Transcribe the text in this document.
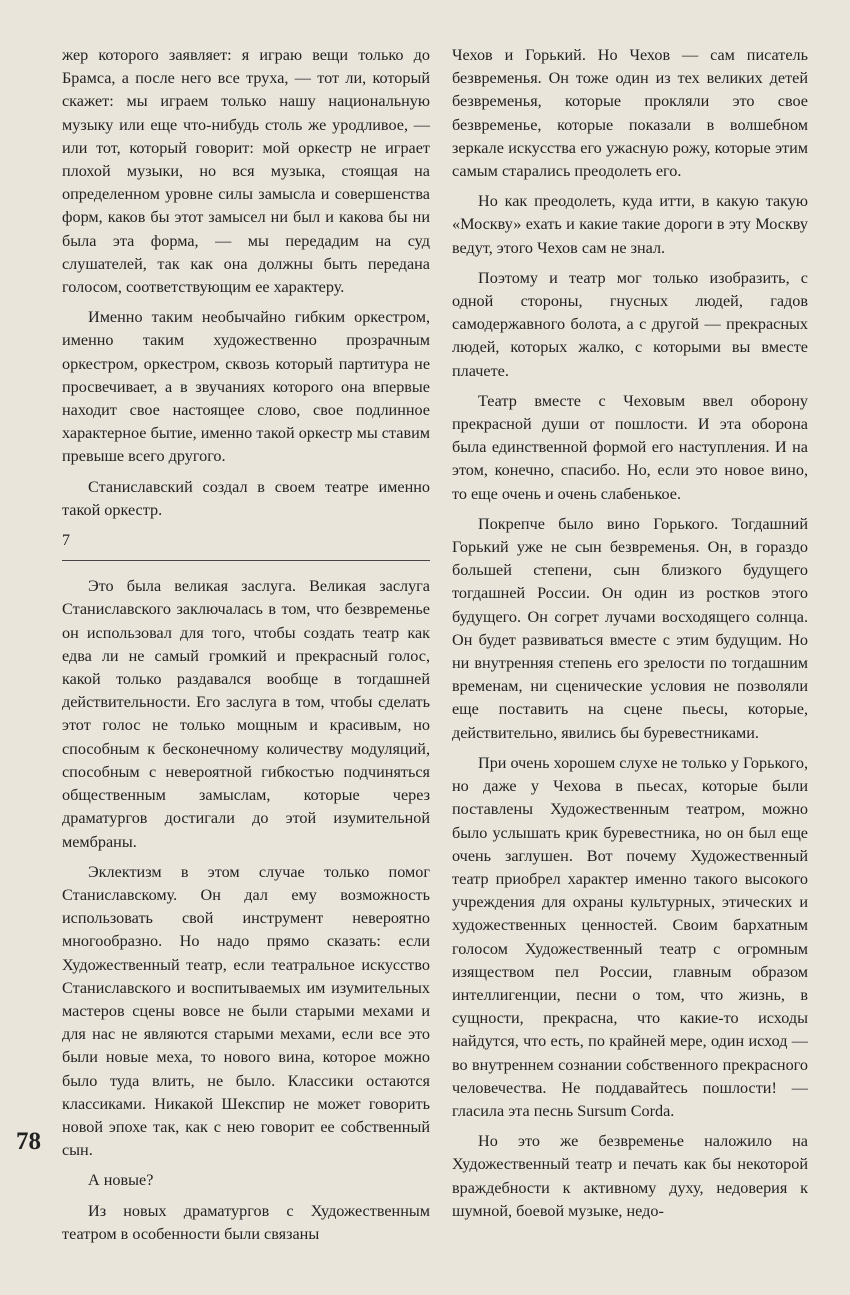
жер которого заявляет: я играю вещи только до Брамса, а после него все труха, — тот ли, который скажет: мы играем только нашу национальную музыку или еще что-нибудь столь же уродливое, — или тот, который говорит: мой оркестр не играет плохой музыки, но вся музыка, стоящая на определенном уровне силы замысла и совершенства форм, каков бы этот замысел ни был и какова бы ни была эта форма, — мы передадим на суд слушателей, так как она должны быть передана голосом, соответствующим ее характеру.

Именно таким необычайно гибким оркестром, именно таким художественно прозрачным оркестром, оркестром, сквозь который партитура не просвечивает, а в звучаниях которого она впервые находит свое настоящее слово, свое подлинное характерное бытие, именно такой оркестр мы ставим превыше всего другого.

Станиславский создал в своем театре именно такой оркестр.

7

Это была великая заслуга. Великая заслуга Станиславского заключалась в том, что безвременье он использовал для того, чтобы создать театр как едва ли не самый громкий и прекрасный голос, какой только раздавался вообще в тогдашней действительности. Его заслуга в том, чтобы сделать этот голос не только мощным и красивым, но способным к бесконечному количеству модуляций, способным с невероятной гибкостью подчиняться общественным замыслам, которые через драматургов достигали до этой изумительной мембраны.

Эклектизм в этом случае только помог Станиславскому. Он дал ему возможность использовать свой инструмент невероятно многообразно. Но надо прямо сказать: если Художественный театр, если театральное искусство Станиславского и воспитываемых им изумительных мастеров сцены вовсе не были старыми мехами и для нас не являются старыми мехами, если все это были новые меха, то нового вина, которое можно было туда влить, не было. Классики остаются классиками. Никакой Шекспир не может говорить новой эпохе так, как с нею говорит ее собственный сын.

А новые?

Из новых драматургов с Художественным театром в особенности были связаны

Чехов и Горький. Но Чехов — сам писатель безвременья. Он тоже один из тех великих детей безвременья, которые прокляли это свое безвременье, которые показали в волшебном зеркале искусства его ужасную рожу, которые этим самым старались преодолеть его.

Но как преодолеть, куда итти, в какую такую «Москву» ехать и какие такие дороги в эту Москву ведут, этого Чехов сам не знал.

Поэтому и театр мог только изобразить, с одной стороны, гнусных людей, гадов самодержавного болота, а с другой — прекрасных людей, которых жалко, с которыми вы вместе плачете.

Театр вместе с Чеховым ввел оборону прекрасной души от пошлости. И эта оборона была единственной формой его наступления. И на этом, конечно, спасибо. Но, если это новое вино, то еще очень и очень слабенькое.

Покрепче было вино Горького. Тогдашний Горький уже не сын безвременья. Он, в гораздо большей степени, сын близкого будущего тогдашней России. Он один из ростков этого будущего. Он согрет лучами восходящего солнца. Он будет развиваться вместе с этим будущим. Но ни внутренняя степень его зрелости по тогдашним временам, ни сценические условия не позволяли еще поставить на сцене пьесы, которые, действительно, явились бы буревестниками.

При очень хорошем слухе не только у Горького, но даже у Чехова в пьесах, которые были поставлены Художественным театром, можно было услышать крик буревестника, но он был еще очень заглушен. Вот почему Художественный театр приобрел характер именно такого высокого учреждения для охраны культурных, этических и художественных ценностей. Своим бархатным голосом Художественный театр с огромным изяществом пел России, главным образом интеллигенции, песни о том, что жизнь, в сущности, прекрасна, что какие-то исходы найдутся, что есть, по крайней мере, один исход — во внутреннем сознании собственного прекрасного человечества. Не поддавайтесь пошлости! — гласила эта песнь Sursum Corda.

Но это же безвременье наложило на Художественный театр и печать как бы некоторой враждебности к активному духу, недоверия к шумной, боевой музыке, недо-

78
